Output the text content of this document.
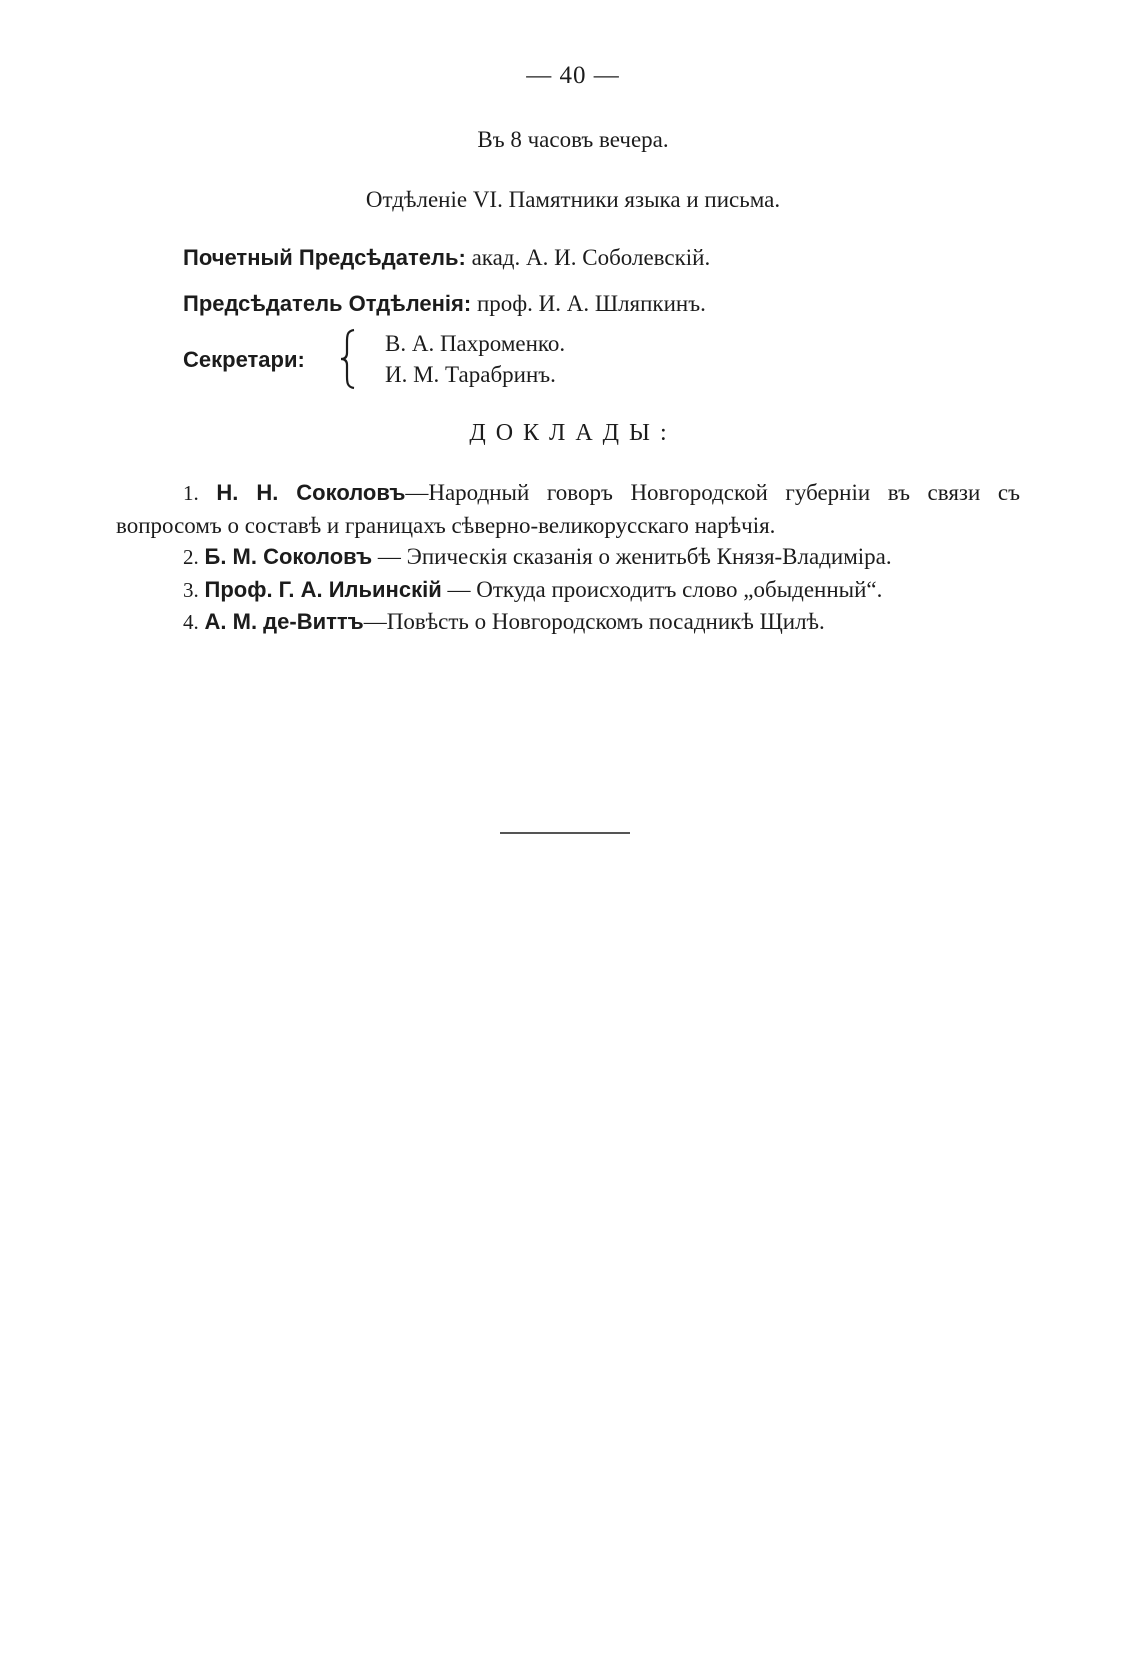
— 40 —
Въ 8 часовъ вечера.
Отдѣленіе VI. Памятники языка и письма.
Почетный Предсѣдатель: акад. А. И. Соболевскій.
Предсѣдатель Отдѣленія: проф. И. А. Шляпкинъ.
Секретари:
В. А. Пахроменко.
И. М. Тарабринъ.
ДОКЛАДЫ:

1. Н. Н. Соколовъ—Народный говоръ Новгородской губерніи въ связи съ вопросомъ о составѣ и границахъ сѣверно-великорусскаго нарѣчія.

2. Б. М. Соколовъ — Эпическія сказанія о женитьбѣ Князя-Владиміра.

3. Проф. Г. А. Ильинскій — Откуда происходитъ слово „обыденный“.

4. А. М. де-Виттъ—Повѣсть о Новгородскомъ посадникѣ Щилѣ.
